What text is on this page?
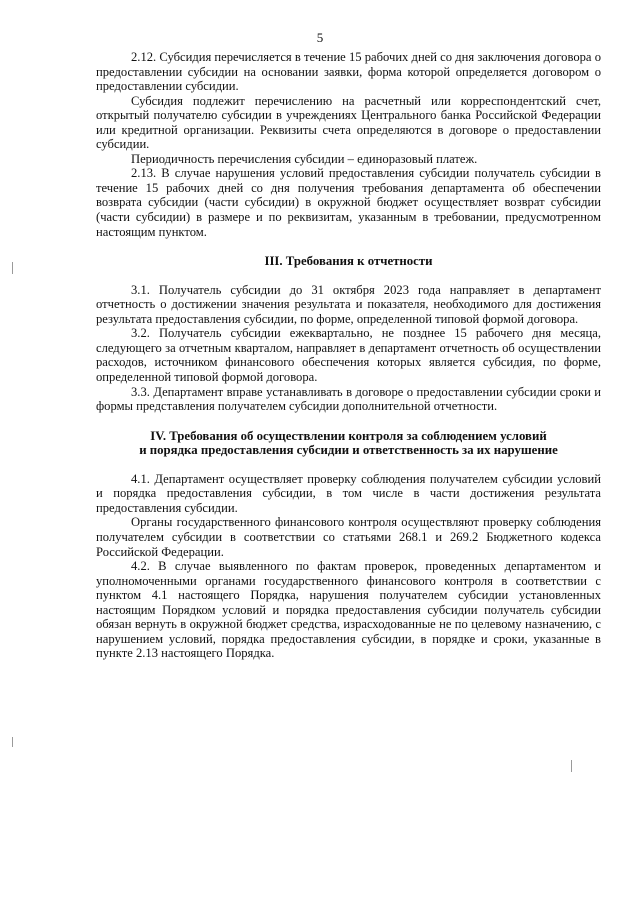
5

2.12. Субсидия перечисляется в течение 15 рабочих дней со дня заключения договора о предоставлении субсидии на основании заявки, форма которой определяется договором о предоставлении субсидии.

Субсидия подлежит перечислению на расчетный или корреспондентский счет, открытый получателю субсидии в учреждениях Центрального банка Российской Федерации или кредитной организации. Реквизиты счета определяются в договоре о предоставлении субсидии.

Периодичность перечисления субсидии – единоразовый платеж.

2.13. В случае нарушения условий предоставления субсидии получатель субсидии в течение 15 рабочих дней со дня получения требования департамента об обеспечении возврата субсидии (части субсидии) в окружной бюджет осуществляет возврат субсидии (части субсидии) в размере и по реквизитам, указанным в требовании, предусмотренном настоящим пунктом.

III. Требования к отчетности

3.1. Получатель субсидии до 31 октября 2023 года направляет в департамент отчетность о достижении значения результата и показателя, необходимого для достижения результата предоставления субсидии, по форме, определенной типовой формой договора.

3.2. Получатель субсидии ежеквартально, не позднее 15 рабочего дня месяца, следующего за отчетным кварталом, направляет в департамент отчетность об осуществлении расходов, источником финансового обеспечения которых является субсидия, по форме, определенной типовой формой договора.

3.3. Департамент вправе устанавливать в договоре о предоставлении субсидии сроки и формы представления получателем субсидии дополнительной отчетности.

IV. Требования об осуществлении контроля за соблюдением условий
и порядка предоставления субсидии и ответственность за их нарушение

4.1. Департамент осуществляет проверку соблюдения получателем субсидии условий и порядка предоставления субсидии, в том числе в части достижения результата предоставления субсидии.

Органы государственного финансового контроля осуществляют проверку соблюдения получателем субсидии в соответствии со статьями 268.1 и 269.2 Бюджетного кодекса Российской Федерации.

4.2. В случае выявленного по фактам проверок, проведенных департаментом и уполномоченными органами государственного финансового контроля в соответствии с пунктом 4.1 настоящего Порядка, нарушения получателем субсидии установленных настоящим Порядком условий и порядка предоставления субсидии получатель субсидии обязан вернуть в окружной бюджет средства, израсходованные не по целевому назначению, с нарушением условий, порядка предоставления субсидии, в порядке и сроки, указанные в пункте 2.13 настоящего Порядка.
